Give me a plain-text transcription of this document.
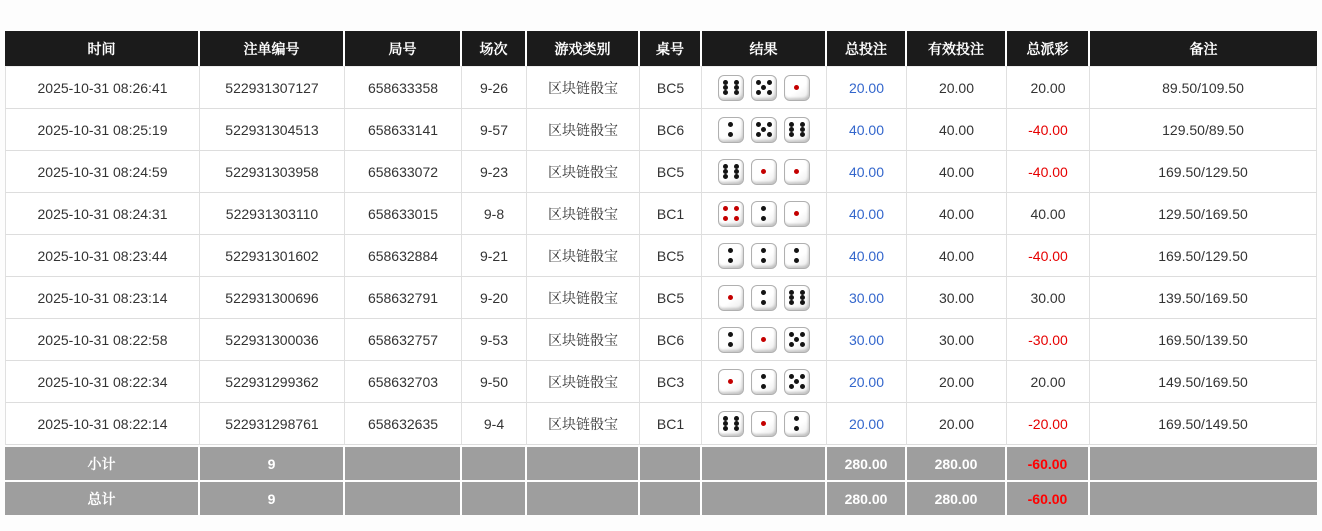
时间	注单编号	局号	场次	游戏类别	桌号	结果	总投注	有效投注	总派彩	备注
2025-10-31 08:26:41	522931307127	658633358	9-26	区块链骰宝	BC5		20.00	20.00	20.00	89.50/109.50
2025-10-31 08:25:19	522931304513	658633141	9-57	区块链骰宝	BC6		40.00	40.00	-40.00	129.50/89.50
2025-10-31 08:24:59	522931303958	658633072	9-23	区块链骰宝	BC5		40.00	40.00	-40.00	169.50/129.50
2025-10-31 08:24:31	522931303110	658633015	9-8	区块链骰宝	BC1		40.00	40.00	40.00	129.50/169.50
2025-10-31 08:23:44	522931301602	658632884	9-21	区块链骰宝	BC5		40.00	40.00	-40.00	169.50/129.50
2025-10-31 08:23:14	522931300696	658632791	9-20	区块链骰宝	BC5		30.00	30.00	30.00	139.50/169.50
2025-10-31 08:22:58	522931300036	658632757	9-53	区块链骰宝	BC6		30.00	30.00	-30.00	169.50/139.50
2025-10-31 08:22:34	522931299362	658632703	9-50	区块链骰宝	BC3		20.00	20.00	20.00	149.50/169.50
2025-10-31 08:22:14	522931298761	658632635	9-4	区块链骰宝	BC1		20.00	20.00	-20.00	169.50/149.50
小计	9						280.00	280.00	-60.00	
总计	9						280.00	280.00	-60.00	
